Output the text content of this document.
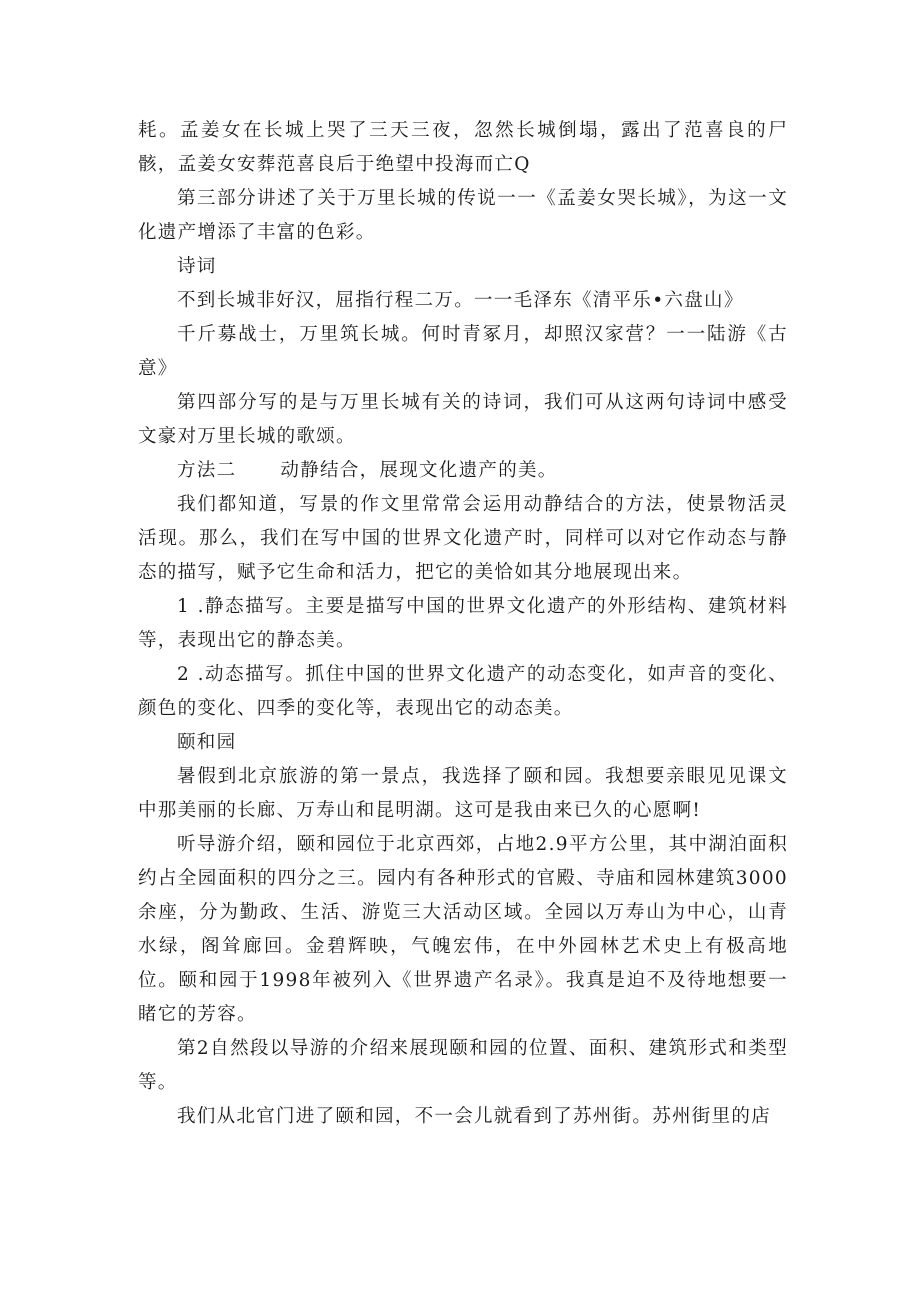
耗。孟姜女在长城上哭了三天三夜，忽然长城倒塌，露出了范喜良的尸骸，孟姜女安葬范喜良后于绝望中投海而亡Q

第三部分讲述了关于万里长城的传说一一《孟姜女哭长城》，为这一文化遗产增添了丰富的色彩。

诗词

不到长城非好汉，屈指行程二万。一一毛泽东《清平乐•六盘山》

千斤募战士，万里筑长城。何时青冢月，却照汉家营？一一陆游《古意》

第四部分写的是与万里长城有关的诗词，我们可从这两句诗词中感受文豪对万里长城的歌颂。

方法二 动静结合，展现文化遗产的美。

我们都知道，写景的作文里常常会运用动静结合的方法，使景物活灵活现。那么，我们在写中国的世界文化遗产时，同样可以对它作动态与静态的描写，赋予它生命和活力，把它的美恰如其分地展现出来。

1 .静态描写。主要是描写中国的世界文化遗产的外形结构、建筑材料等，表现出它的静态美。

2 .动态描写。抓住中国的世界文化遗产的动态变化，如声音的变化、颜色的变化、四季的变化等，表现出它的动态美。

颐和园

暑假到北京旅游的第一景点，我选择了颐和园。我想要亲眼见见课文中那美丽的长廊、万寿山和昆明湖。这可是我由来已久的心愿啊!

听导游介绍，颐和园位于北京西郊，占地2.9平方公里，其中湖泊面积约占全园面积的四分之三。园内有各种形式的官殿、寺庙和园林建筑3000余座，分为勤政、生活、游览三大活动区域。全园以万寿山为中心，山青水绿，阁耸廊回。金碧辉映，气魄宏伟，在中外园林艺术史上有极高地位。颐和园于1998年被列入《世界遗产名录》。我真是迫不及待地想要一睹它的芳容。

第2自然段以导游的介绍来展现颐和园的位置、面积、建筑形式和类型等。

我们从北官门进了颐和园，不一会儿就看到了苏州街。苏州街里的店
